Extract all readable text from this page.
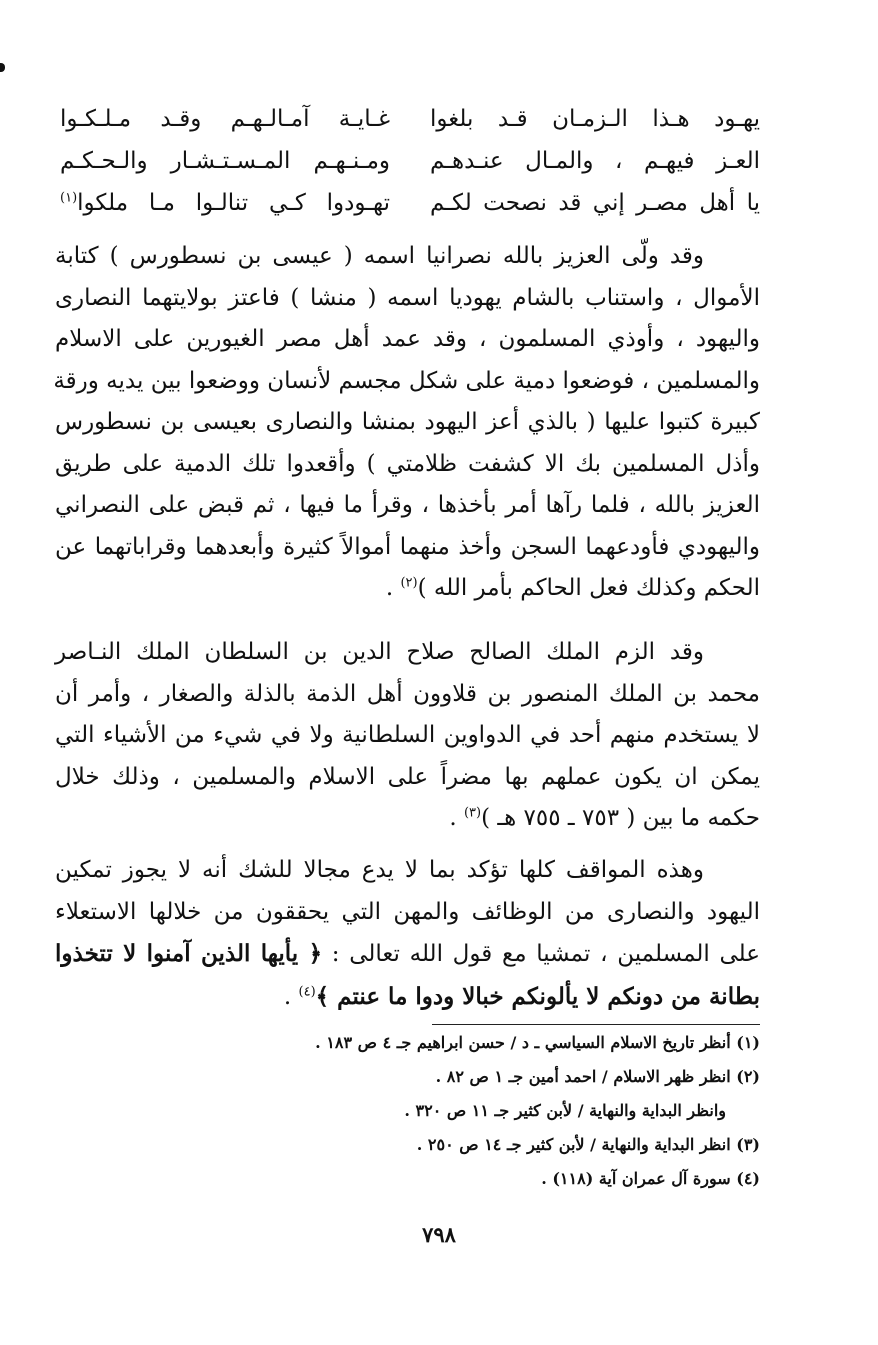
يهـود هـذا الـزمـان قـد بلغوا
غـايـة آمـالـهـم وقـد مـلـكـوا
العـز فيهـم ، والمـال عنـدهـم
ومـنـهـم المـسـتـشـار والـحـكـم
يا أهل مصـر إني قد نصحت لكـم
تهـودوا كـي تنالـوا مـا ملكوا$^{(١)}$

وقد ولّى العزيز بالله نصرانيا اسمه ( عيسى بن نسطورس ) كتابة
الأموال ، واستناب بالشام يهوديا اسمه ( منشا ) فاعتز بولايتهما النصارى
واليهود ، وأوذي المسلمون ، وقد عمد أهل مصر الغيورين على الاسلام
والمسلمين ، فوضعوا دمية على شكل مجسم لأنسان ووضعوا بين يديه ورقة
كبيرة كتبوا عليها ( بالذي أعز اليهود بمنشا والنصارى بعيسى بن نسطورس
وأذل المسلمين بك الا كشفت ظلامتي ) وأقعدوا تلك الدمية على طريق
العزيز بالله ، فلما رآها أمر بأخذها ، وقرأ ما فيها ، ثم قبض على النصراني
واليهودي فأودعهما السجن وأخذ منهما أموالاً كثيرة وأبعدهما وقراباتهما عن
الحكم وكذلك فعل الحاكم بأمر الله )$^{(٢)}$ .

وقد الزم الملك الصالح صلاح الدين بن السلطان الملك النـاصر
محمد بن الملك المنصور بن قلاوون أهل الذمة بالذلة والصغار ، وأمر أن
لا يستخدم منهم أحد في الدواوين السلطانية ولا في شيء من الأشياء التي
يمكن ان يكون عملهم بها مضراً على الاسلام والمسلمين ، وذلك خلال
حكمه ما بين ( ٧٥٣ ـ ٧٥٥ هـ )$^{(٣)}$ .

وهذه المواقف كلها تؤكد بما لا يدع مجالا للشك أنه لا يجوز تمكين
اليهود والنصارى من الوظائف والمهن التي يحققون من خلالها الاستعلاء
على المسلمين ، تمشيا مع قول الله تعالى : ﴿ يأيها الذين آمنوا لا تتخذوا
بطانة من دونكم لا يألونكم خبالا ودوا ما عنتم ﴾$^{(٤)}$ .

(١) أنظر تاريخ الاسلام السياسي ـ د / حسن ابراهيم جـ ٤ ص ١٨٣ .
(٢) انظر ظهر الاسلام / احمد أمين جـ ١ ص ٨٢ .
وانظر البداية والنهاية / لأبن كثير جـ ١١ ص ٣٢٠ .
(٣) انظر البداية والنهاية / لأبن كثير جـ ١٤ ص ٢٥٠ .
(٤) سورة آل عمران آية (١١٨) .
٧٩٨
